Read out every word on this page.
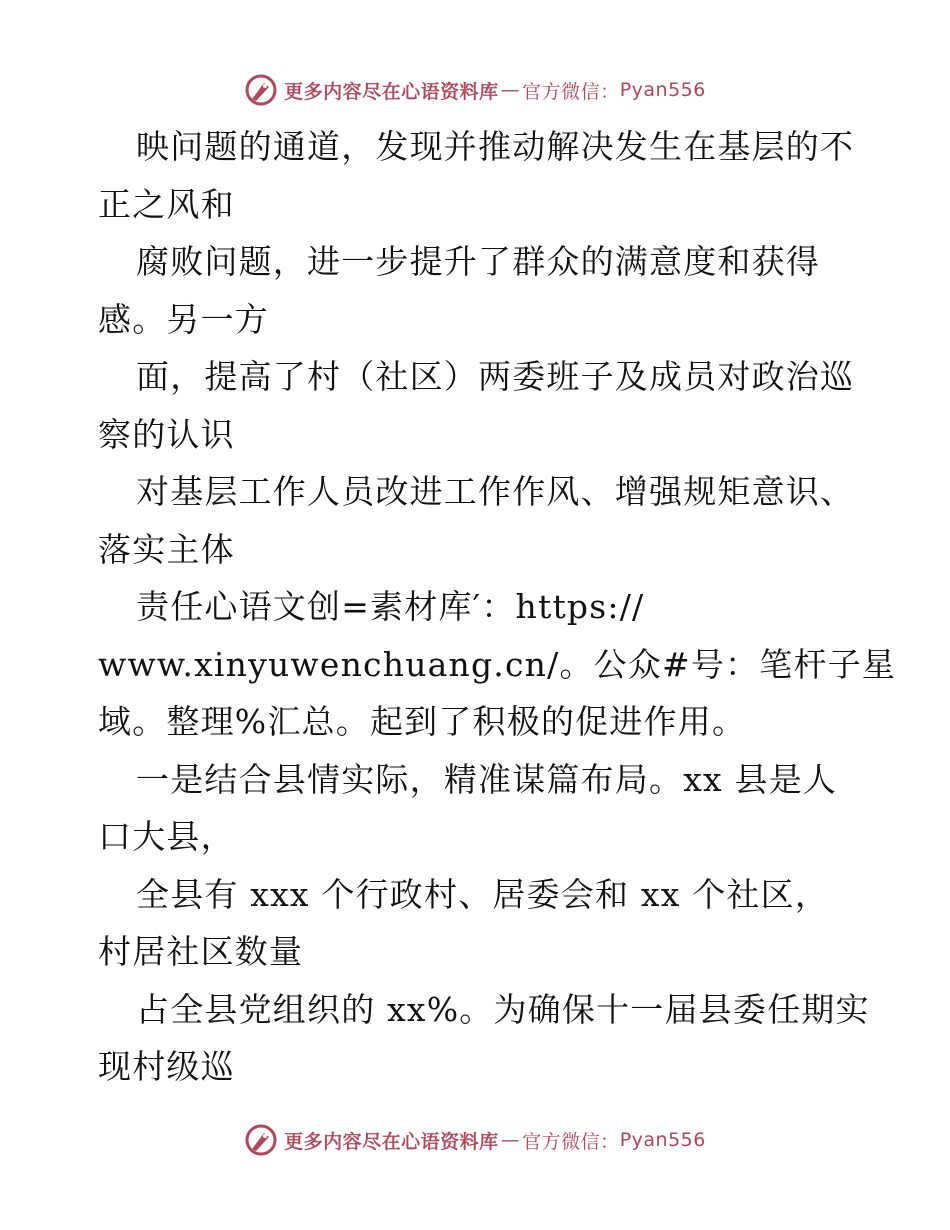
更多内容尽在心语资料库 — 官方微信： Pyan556
映问题的通道，发现并推动解决发生在基层的不
正之风和
腐败问题，进一步提升了群众的满意度和获得
感。另一方
面，提高了村（社区）两委班子及成员对政治巡
察的认识
对基层工作人员改进工作作风、增强规矩意识、
落实主体
责任心语文创=素材库′：https://
www.xinyuwenchuang.cn/。公众#号：笔杆子星
域。整理%汇总。起到了积极的促进作用。
一是结合县情实际，精准谋篇布局。xx 县是人
口大县，
全县有 xxx 个行政村、居委会和 xx 个社区，
村居社区数量
占全县党组织的 xx%。为确保十一届县委任期实
现村级巡
更多内容尽在心语资料库 — 官方微信： Pyan556
